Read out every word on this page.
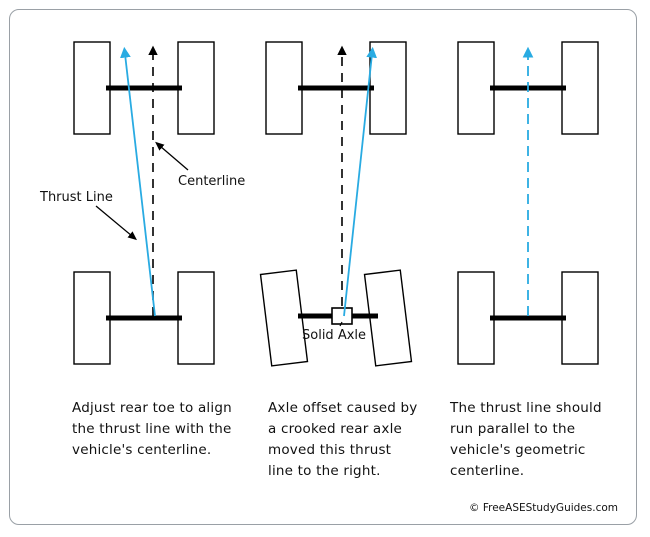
Thrust Line
Centerline
Solid Axle
Adjust rear toe to align the thrust line with the vehicle's centerline.
Axle offset caused by a crooked rear axle moved this thrust line to the right.
The thrust line should run parallel to the vehicle's geometric centerline.
© FreeASEStudyGuides.com
